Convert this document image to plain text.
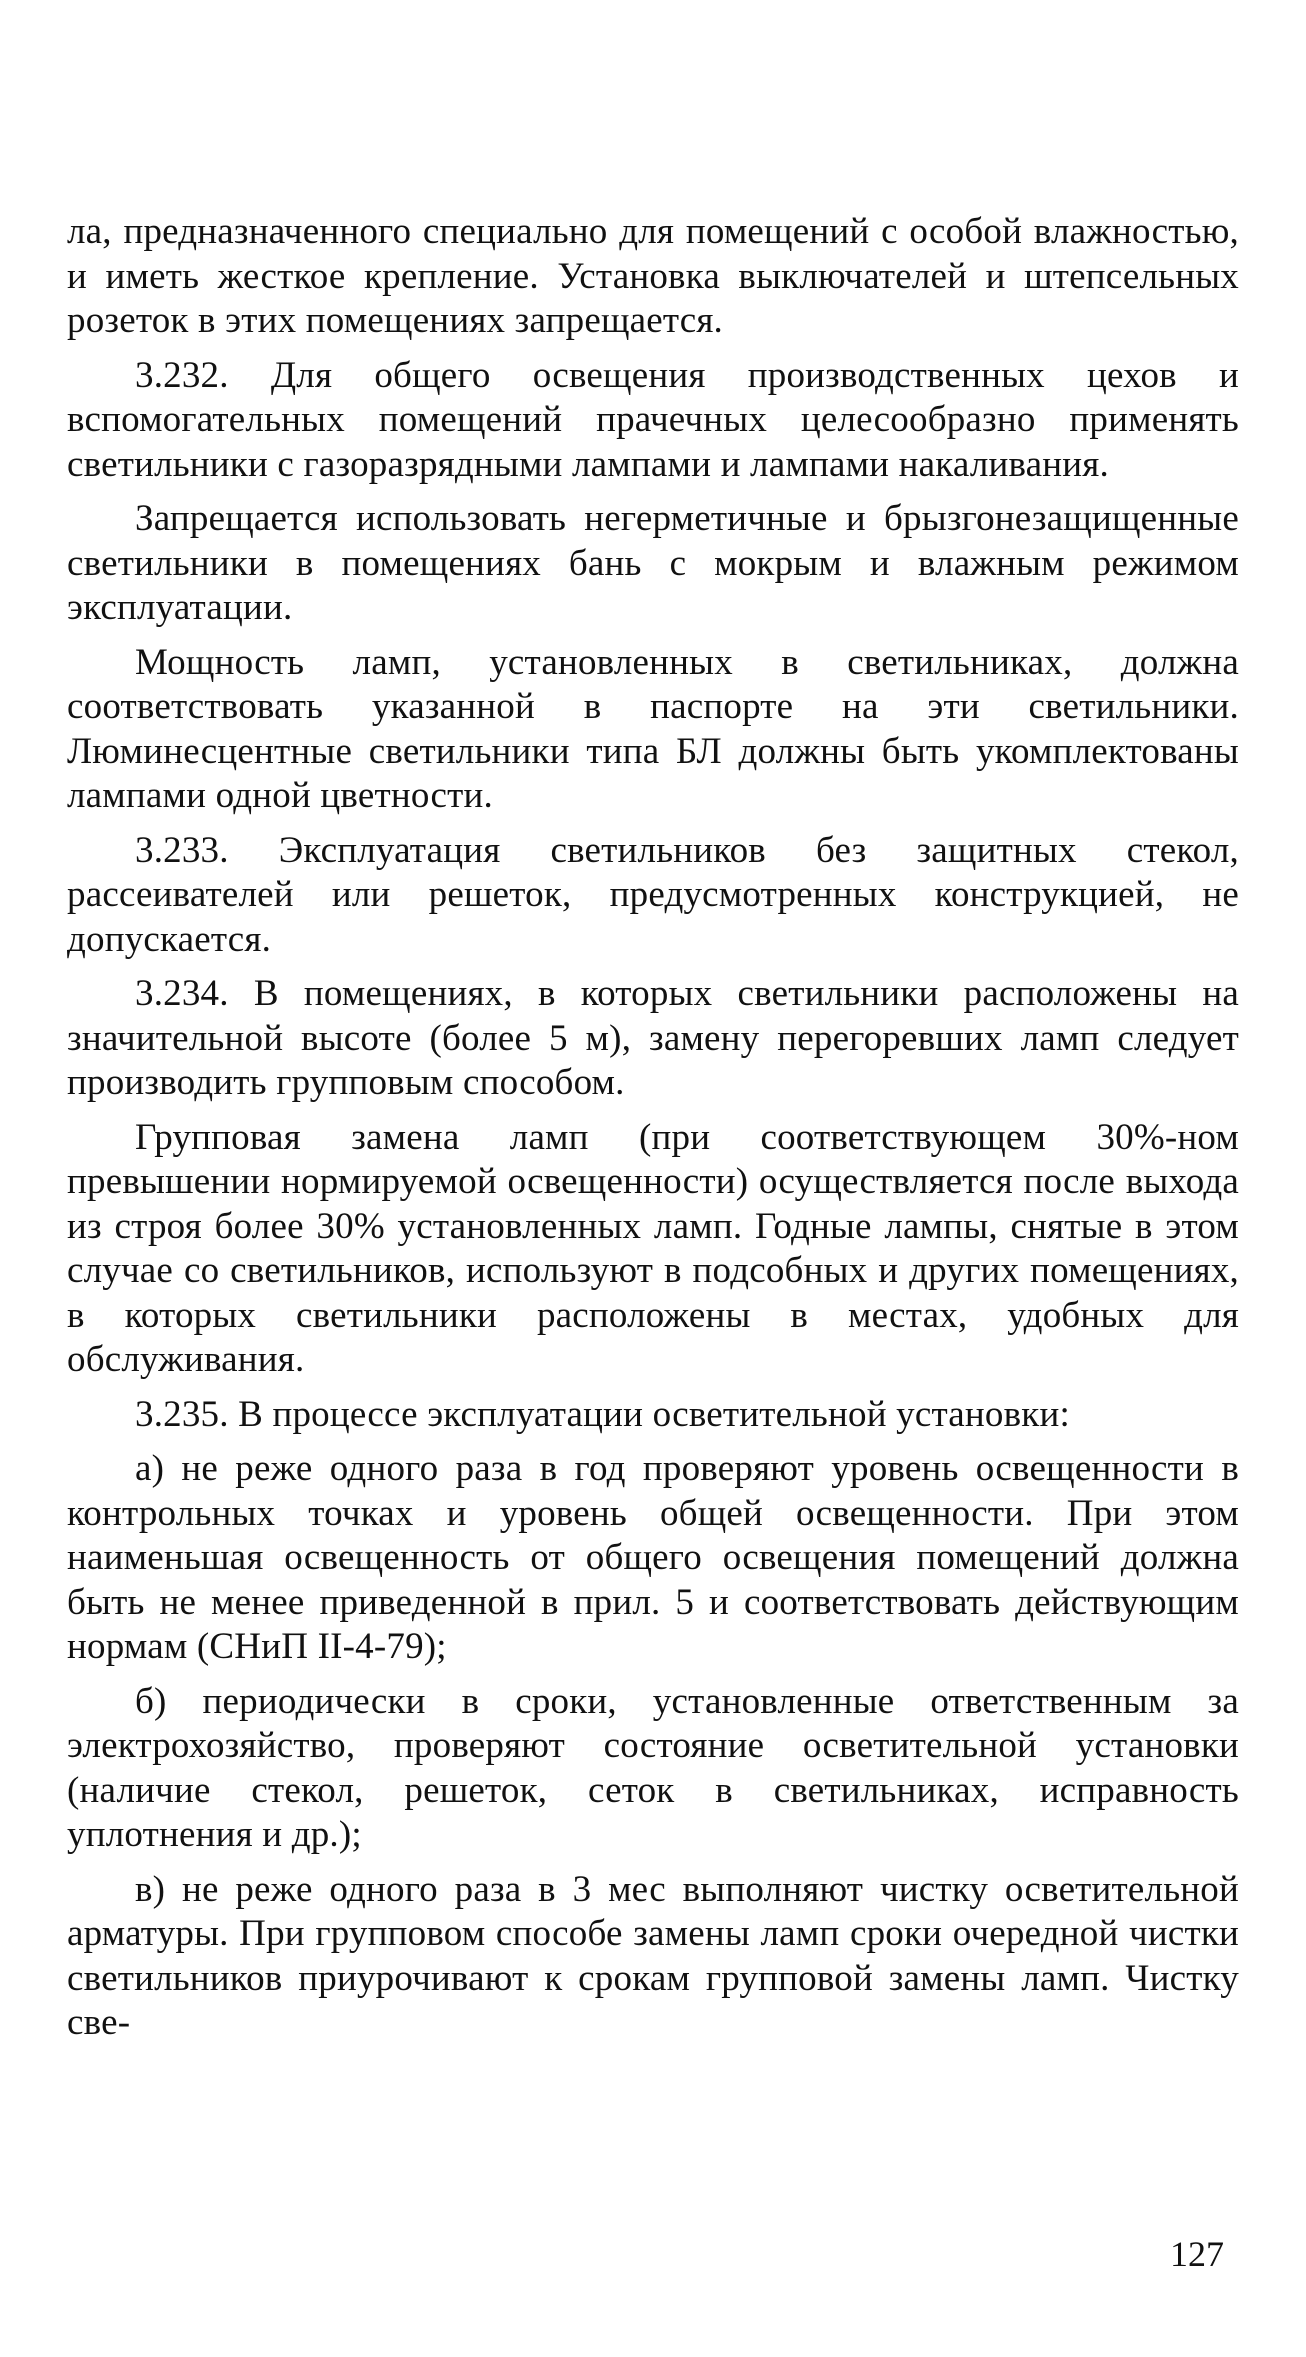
ла, предназначенного специально для помещений с особой влажностью, и иметь жесткое крепление. Установка выключателей и штепсельных розеток в этих помещениях запрещается.

3.232. Для общего освещения производственных цехов и вспомогательных помещений прачечных целесообразно применять светильники с газоразрядными лампами и лампами накаливания.

Запрещается использовать негерметичные и брызгонезащищенные светильники в помещениях бань с мокрым и влажным режимом эксплуатации.

Мощность ламп, установленных в светильниках, должна соответствовать указанной в паспорте на эти светильники. Люминесцентные светильники типа БЛ должны быть укомплектованы лампами одной цветности.

3.233. Эксплуатация светильников без защитных стекол, рассеивателей или решеток, предусмотренных конструкцией, не допускается.

3.234. В помещениях, в которых светильники расположены на значительной высоте (более 5 м), замену перегоревших ламп следует производить групповым способом.

Групповая замена ламп (при соответствующем 30%-ном превышении нормируемой освещенности) осуществляется после выхода из строя более 30% установленных ламп. Годные лампы, снятые в этом случае со светильников, используют в подсобных и других помещениях, в которых светильники расположены в местах, удобных для обслуживания.

3.235. В процессе эксплуатации осветительной установки:

а) не реже одного раза в год проверяют уровень освещенности в контрольных точках и уровень общей освещенности. При этом наименьшая освещенность от общего освещения помещений должна быть не менее приведенной в прил. 5 и соответствовать действующим нормам (СНиП II-4-79);

б) периодически в сроки, установленные ответственным за электрохозяйство, проверяют состояние осветительной установки (наличие стекол, решеток, сеток в светильниках, исправность уплотнения и др.);

в) не реже одного раза в 3 мес выполняют чистку осветительной арматуры. При групповом способе замены ламп сроки очередной чистки светильников приурочивают к срокам групповой замены ламп. Чистку све-

127
